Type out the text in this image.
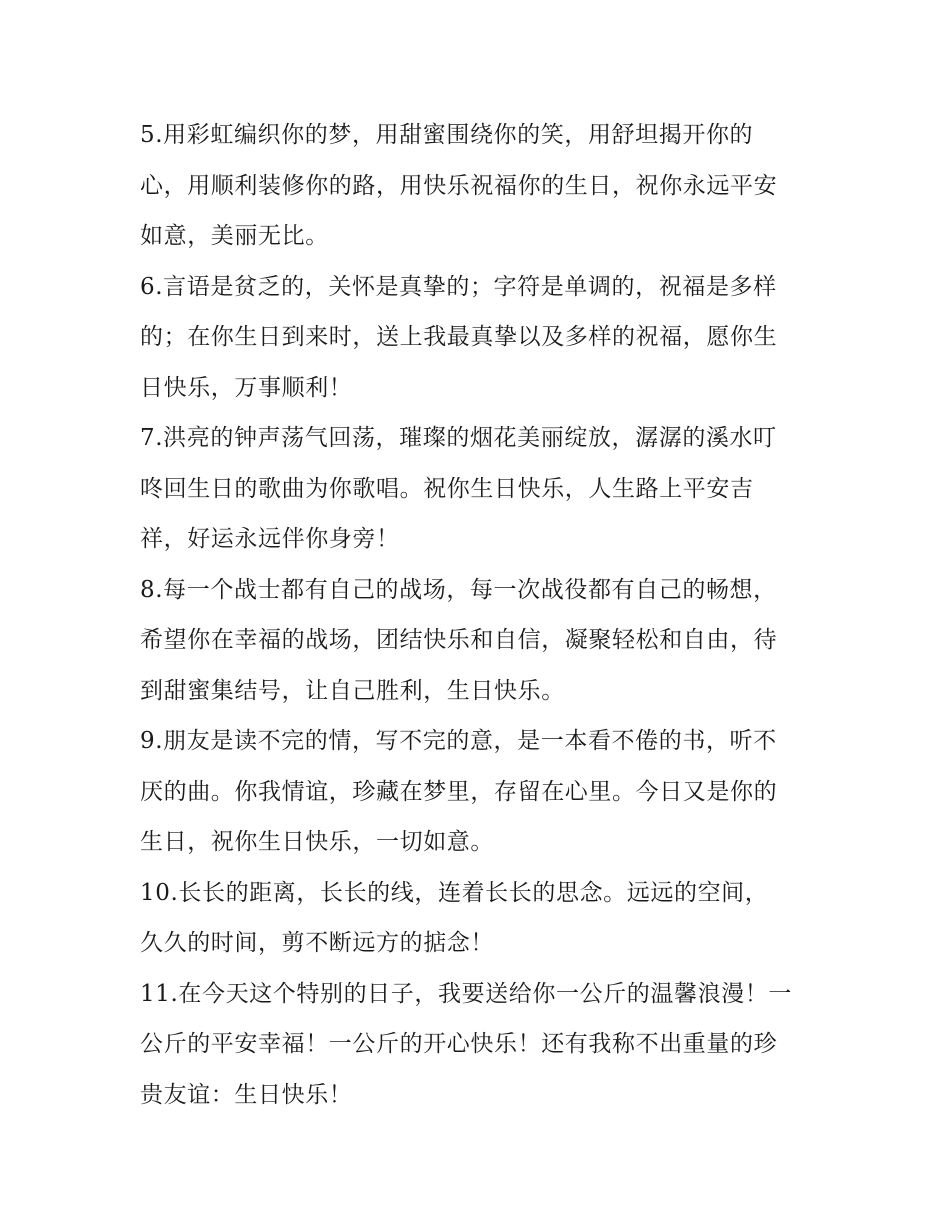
5.用彩虹编织你的梦，用甜蜜围绕你的笑，用舒坦揭开你的
心，用顺利装修你的路，用快乐祝福你的生日，祝你永远平安
如意，美丽无比。
6.言语是贫乏的，关怀是真挚的；字符是单调的，祝福是多样
的；在你生日到来时，送上我最真挚以及多样的祝福，愿你生
日快乐，万事顺利！
7.洪亮的钟声荡气回荡，璀璨的烟花美丽绽放，潺潺的溪水叮
咚回生日的歌曲为你歌唱。祝你生日快乐，人生路上平安吉
祥，好运永远伴你身旁！
8.每一个战士都有自己的战场，每一次战役都有自己的畅想，
希望你在幸福的战场，团结快乐和自信，凝聚轻松和自由，待
到甜蜜集结号，让自己胜利，生日快乐。
9.朋友是读不完的情，写不完的意，是一本看不倦的书，听不
厌的曲。你我情谊，珍藏在梦里，存留在心里。今日又是你的
生日，祝你生日快乐，一切如意。
10.长长的距离，长长的线，连着长长的思念。远远的空间，
久久的时间，剪不断远方的掂念！
11.在今天这个特别的日子，我要送给你一公斤的温馨浪漫！一
公斤的平安幸福！一公斤的开心快乐！还有我称不出重量的珍
贵友谊：生日快乐！
